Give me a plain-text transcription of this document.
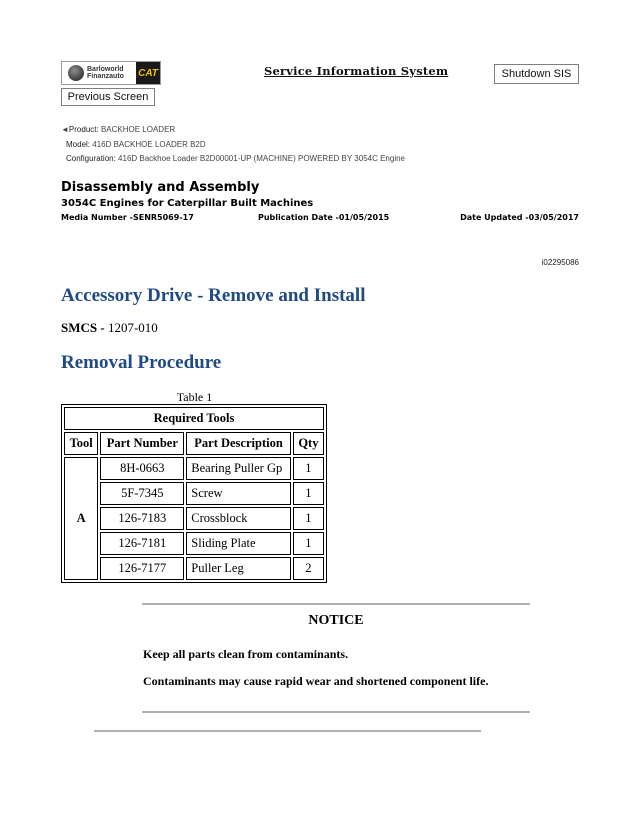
Barloworld
Finanzauto CAT	Service Information System	Shutdown SIS
Previous Screen
◄Product: BACKHOE LOADER
Model: 416D BACKHOE LOADER B2D
Configuration: 416D Backhoe Loader B2D00001-UP (MACHINE) POWERED BY 3054C Engine
Disassembly and Assembly
3054C Engines for Caterpillar Built Machines
Media Number -SENR5069-17	Publication Date -01/05/2015	Date Updated -03/05/2017
i02295086
Accessory Drive - Remove and Install
SMCS - 1207-010
Removal Procedure
Table 1
Required Tools			
Tool	Part Number	Part Description	Qty
A	8H-0663	Bearing Puller Gp	1
	5F-7345	Screw	1
	126-7183	Crossblock	1
	126-7181	Sliding Plate	1
	126-7177	Puller Leg	2
NOTICE
Keep all parts clean from contaminants.
Contaminants may cause rapid wear and shortened component life.
